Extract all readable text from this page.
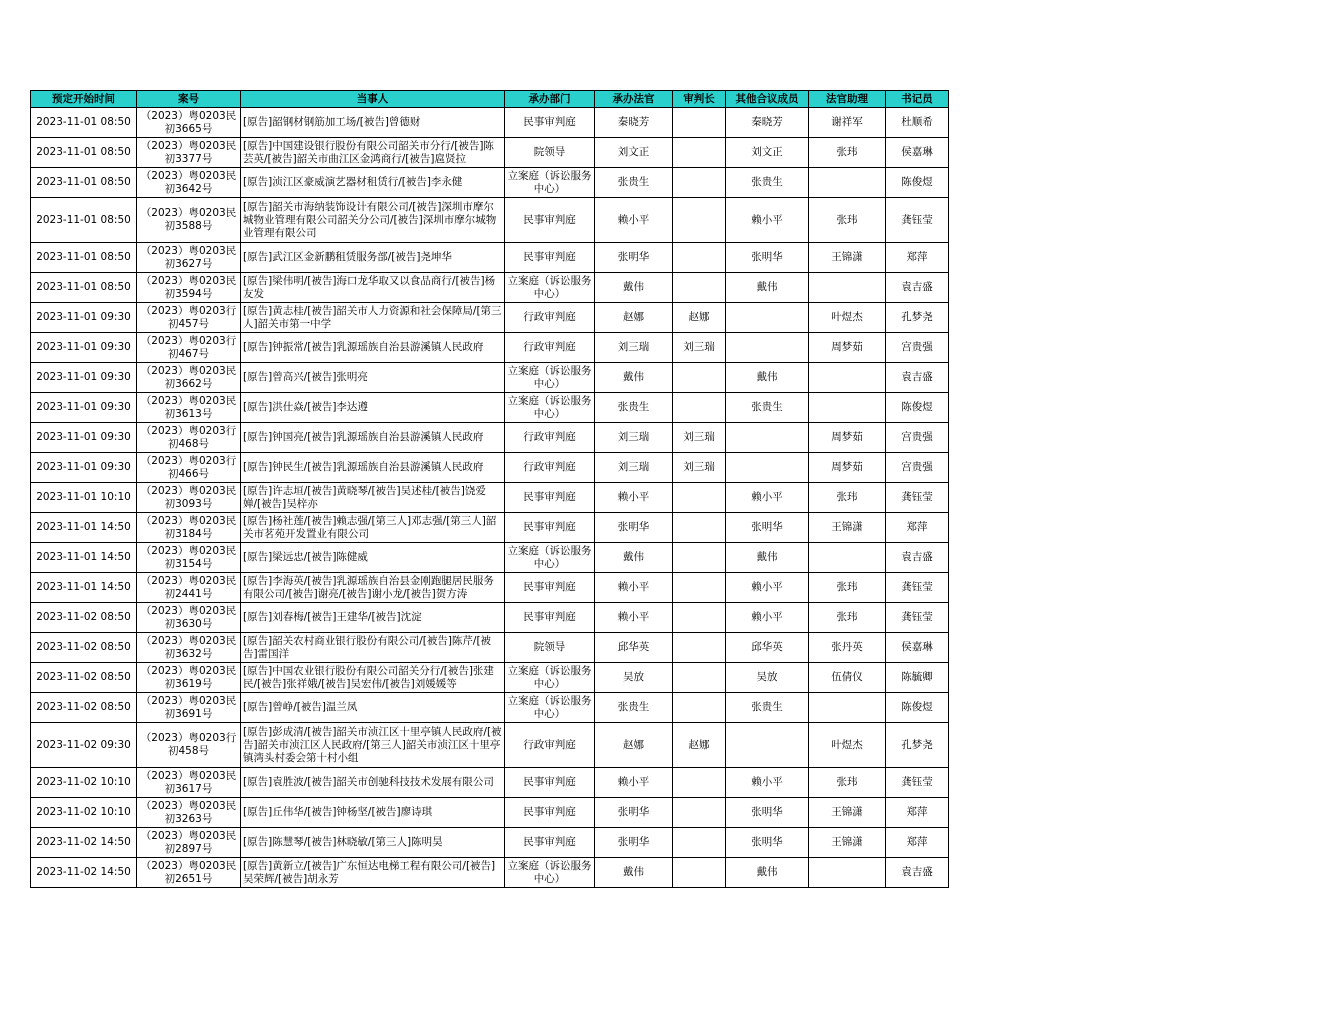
预定开始时间	案号	当事人	承办部门	承办法官	审判长	其他合议成员	法官助理	书记员
2023-11-01 08:50	（2023）粤0203民初3665号	[原告]韶钢材钢筋加工场/[被告]曾德财	民事审判庭	秦晓芳		秦晓芳	谢祥军	杜顺希
2023-11-01 08:50	（2023）粤0203民初3377号	[原告]中国建设银行股份有限公司韶关市分行/[被告]陈芸英/[被告]韶关市曲江区金鸿商行/[被告]扈贤拉	院领导	刘文正		刘文正	张玮	侯嘉琳
2023-11-01 08:50	（2023）粤0203民初3642号	[原告]浈江区豪威演艺器材租赁行/[被告]李永健	立案庭（诉讼服务中心）	张贵生		张贵生		陈俊煜
2023-11-01 08:50	（2023）粤0203民初3588号	[原告]韶关市海纳装饰设计有限公司/[被告]深圳市摩尔城物业管理有限公司韶关分公司/[被告]深圳市摩尔城物业管理有限公司	民事审判庭	赖小平		赖小平	张玮	龚钰莹
2023-11-01 08:50	（2023）粤0203民初3627号	[原告]武江区金新鹏租赁服务部/[被告]尧坤华	民事审判庭	张明华		张明华	王锦潇	郑萍
2023-11-01 08:50	（2023）粤0203民初3594号	[原告]梁伟明/[被告]海口龙华取又以食品商行/[被告]杨友发	立案庭（诉讼服务中心）	戴伟		戴伟		袁吉盛
2023-11-01 09:30	（2023）粤0203行初457号	[原告]黄志桂/[被告]韶关市人力资源和社会保障局/[第三人]韶关市第一中学	行政审判庭	赵娜	赵娜		叶煜杰	孔梦尧
2023-11-01 09:30	（2023）粤0203行初467号	[原告]钟振常/[被告]乳源瑶族自治县游溪镇人民政府	行政审判庭	刘三瑞	刘三瑞		周梦茹	宫贵强
2023-11-01 09:30	（2023）粤0203民初3662号	[原告]曾高兴/[被告]张明亮	立案庭（诉讼服务中心）	戴伟		戴伟		袁吉盛
2023-11-01 09:30	（2023）粤0203民初3613号	[原告]洪仕焱/[被告]李达遵	立案庭（诉讼服务中心）	张贵生		张贵生		陈俊煜
2023-11-01 09:30	（2023）粤0203行初468号	[原告]钟国亮/[被告]乳源瑶族自治县游溪镇人民政府	行政审判庭	刘三瑞	刘三瑞		周梦茹	宫贵强
2023-11-01 09:30	（2023）粤0203行初466号	[原告]钟民生/[被告]乳源瑶族自治县游溪镇人民政府	行政审判庭	刘三瑞	刘三瑞		周梦茹	宫贵强
2023-11-01 10:10	（2023）粤0203民初3093号	[原告]许志垣/[被告]黄晓琴/[被告]吴述桂/[被告]饶爱婵/[被告]吴梓亦	民事审判庭	赖小平		赖小平	张玮	龚钰莹
2023-11-01 14:50	（2023）粤0203民初3184号	[原告]杨社莲/[被告]赖志强/[第三人]邓志强/[第三人]韶关市茗苑开发置业有限公司	民事审判庭	张明华		张明华	王锦潇	郑萍
2023-11-01 14:50	（2023）粤0203民初3154号	[原告]梁远忠/[被告]陈健威	立案庭（诉讼服务中心）	戴伟		戴伟		袁吉盛
2023-11-01 14:50	（2023）粤0203民初2441号	[原告]李海英/[被告]乳源瑶族自治县金刚跑腿居民服务有限公司/[被告]谢亮/[被告]谢小龙/[被告]贺方涛	民事审判庭	赖小平		赖小平	张玮	龚钰莹
2023-11-02 08:50	（2023）粤0203民初3630号	[原告]刘春梅/[被告]王建华/[被告]沈淀	民事审判庭	赖小平		赖小平	张玮	龚钰莹
2023-11-02 08:50	（2023）粤0203民初3632号	[原告]韶关农村商业银行股份有限公司/[被告]陈芹/[被告]雷国洋	院领导	邱华英		邱华英	张丹英	侯嘉琳
2023-11-02 08:50	（2023）粤0203民初3619号	[原告]中国农业银行股份有限公司韶关分行/[被告]张建民/[被告]张祥娥/[被告]吴宏伟/[被告]刘媛媛等	立案庭（诉讼服务中心）	吴放		吴放	伍倩仪	陈毓卿
2023-11-02 08:50	（2023）粤0203民初3691号	[原告]曾峥/[被告]温兰凤	立案庭（诉讼服务中心）	张贵生		张贵生		陈俊煜
2023-11-02 09:30	（2023）粤0203行初458号	[原告]彭成清/[被告]韶关市浈江区十里亭镇人民政府/[被告]韶关市浈江区人民政府/[第三人]韶关市浈江区十里亭镇湾头村委会第十村小组	行政审判庭	赵娜	赵娜		叶煜杰	孔梦尧
2023-11-02 10:10	（2023）粤0203民初3617号	[原告]袁胜波/[被告]韶关市创驰科技技术发展有限公司	民事审判庭	赖小平		赖小平	张玮	龚钰莹
2023-11-02 10:10	（2023）粤0203民初3263号	[原告]丘伟华/[被告]钟杨坚/[被告]廖诗琪	民事审判庭	张明华		张明华	王锦潇	郑萍
2023-11-02 14:50	（2023）粤0203民初2897号	[原告]陈慧琴/[被告]林晓敏/[第三人]陈明昊	民事审判庭	张明华		张明华	王锦潇	郑萍
2023-11-02 14:50	（2023）粤0203民初2651号	[原告]黄新立/[被告]广东恒达电梯工程有限公司/[被告]吴荣辉/[被告]胡永芳	立案庭（诉讼服务中心）	戴伟		戴伟		袁吉盛
